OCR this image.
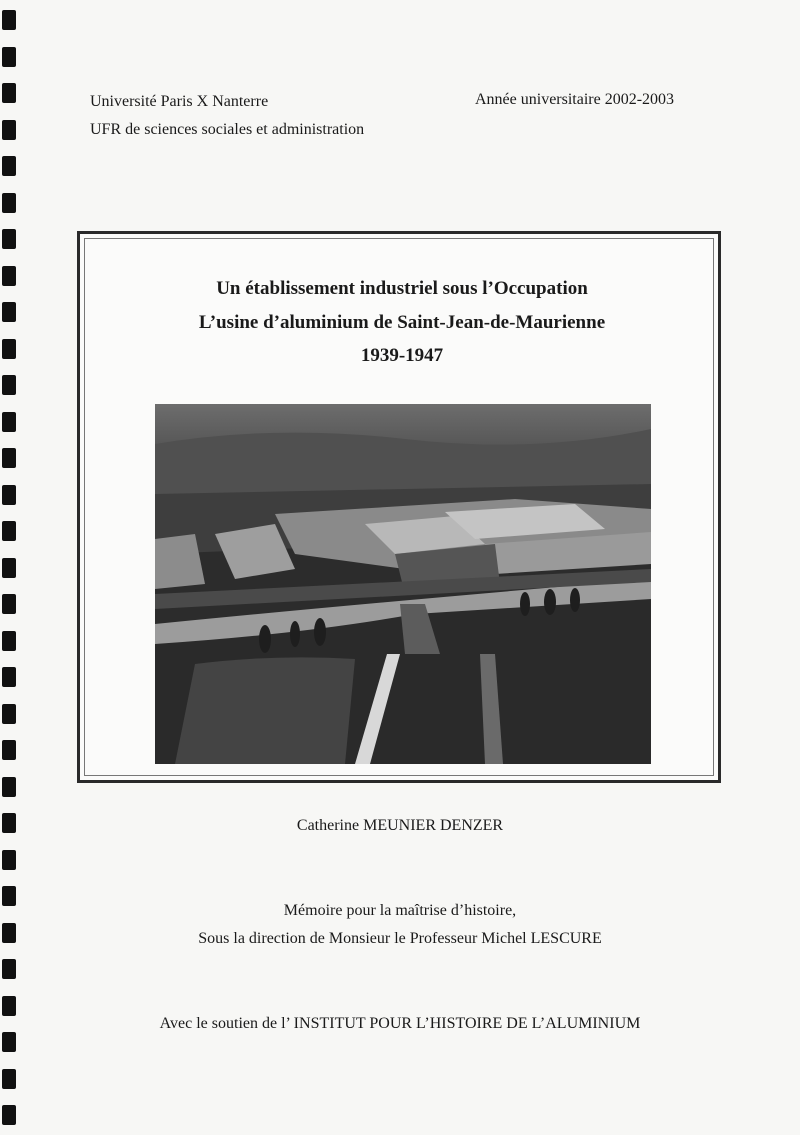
Université Paris X Nanterre
UFR de sciences sociales et administration
Année universitaire 2002-2003
Un établissement industriel sous l’Occupation
L’usine d’aluminium de Saint-Jean-de-Maurienne
1939-1947
Catherine MEUNIER DENZER
Mémoire pour la maîtrise d’histoire,
Sous la direction de Monsieur le Professeur Michel LESCURE
Avec le soutien de l’ INSTITUT POUR L’HISTOIRE DE L’ALUMINIUM
